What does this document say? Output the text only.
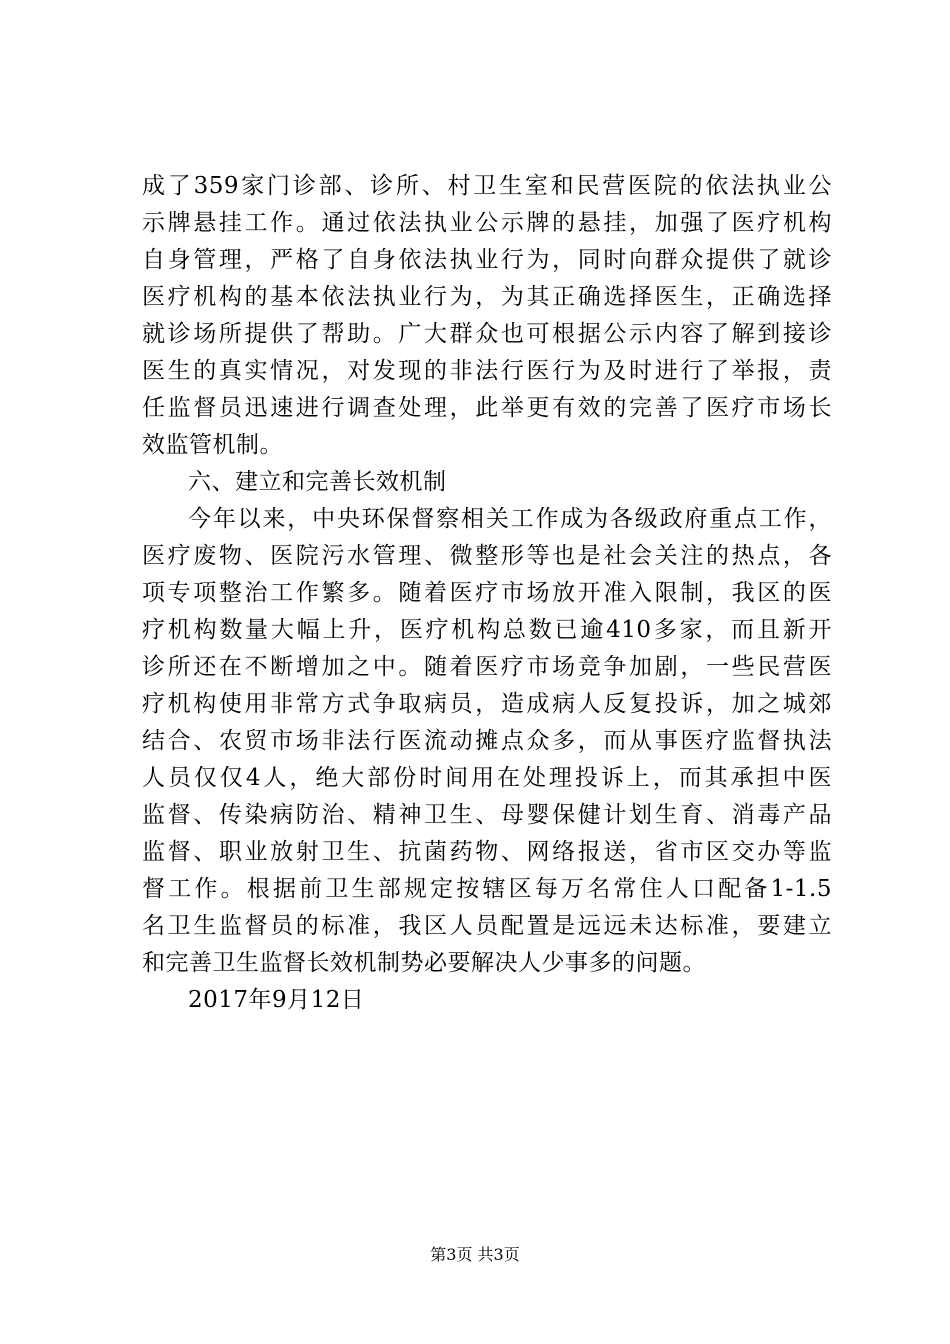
成了359家门诊部、诊所、村卫生室和民营医院的依法执业公
示牌悬挂工作。通过依法执业公示牌的悬挂，加强了医疗机构
自身管理，严格了自身依法执业行为，同时向群众提供了就诊
医疗机构的基本依法执业行为，为其正确选择医生，正确选择
就诊场所提供了帮助。广大群众也可根据公示内容了解到接诊
医生的真实情况，对发现的非法行医行为及时进行了举报，责
任监督员迅速进行调查处理，此举更有效的完善了医疗市场长
效监管机制。
六、建立和完善长效机制
今年以来，中央环保督察相关工作成为各级政府重点工作，
医疗废物、医院污水管理、微整形等也是社会关注的热点，各
项专项整治工作繁多。随着医疗市场放开准入限制，我区的医
疗机构数量大幅上升，医疗机构总数已逾410多家，而且新开
诊所还在不断增加之中。随着医疗市场竞争加剧，一些民营医
疗机构使用非常方式争取病员，造成病人反复投诉，加之城郊
结合、农贸市场非法行医流动摊点众多，而从事医疗监督执法
人员仅仅4人，绝大部份时间用在处理投诉上，而其承担中医
监督、传染病防治、精神卫生、母婴保健计划生育、消毒产品
监督、职业放射卫生、抗菌药物、网络报送，省市区交办等监
督工作。根据前卫生部规定按辖区每万名常住人口配备1-1.5
名卫生监督员的标准，我区人员配置是远远未达标准，要建立
和完善卫生监督长效机制势必要解决人少事多的问题。
2017年9月12日
第3页 共3页
